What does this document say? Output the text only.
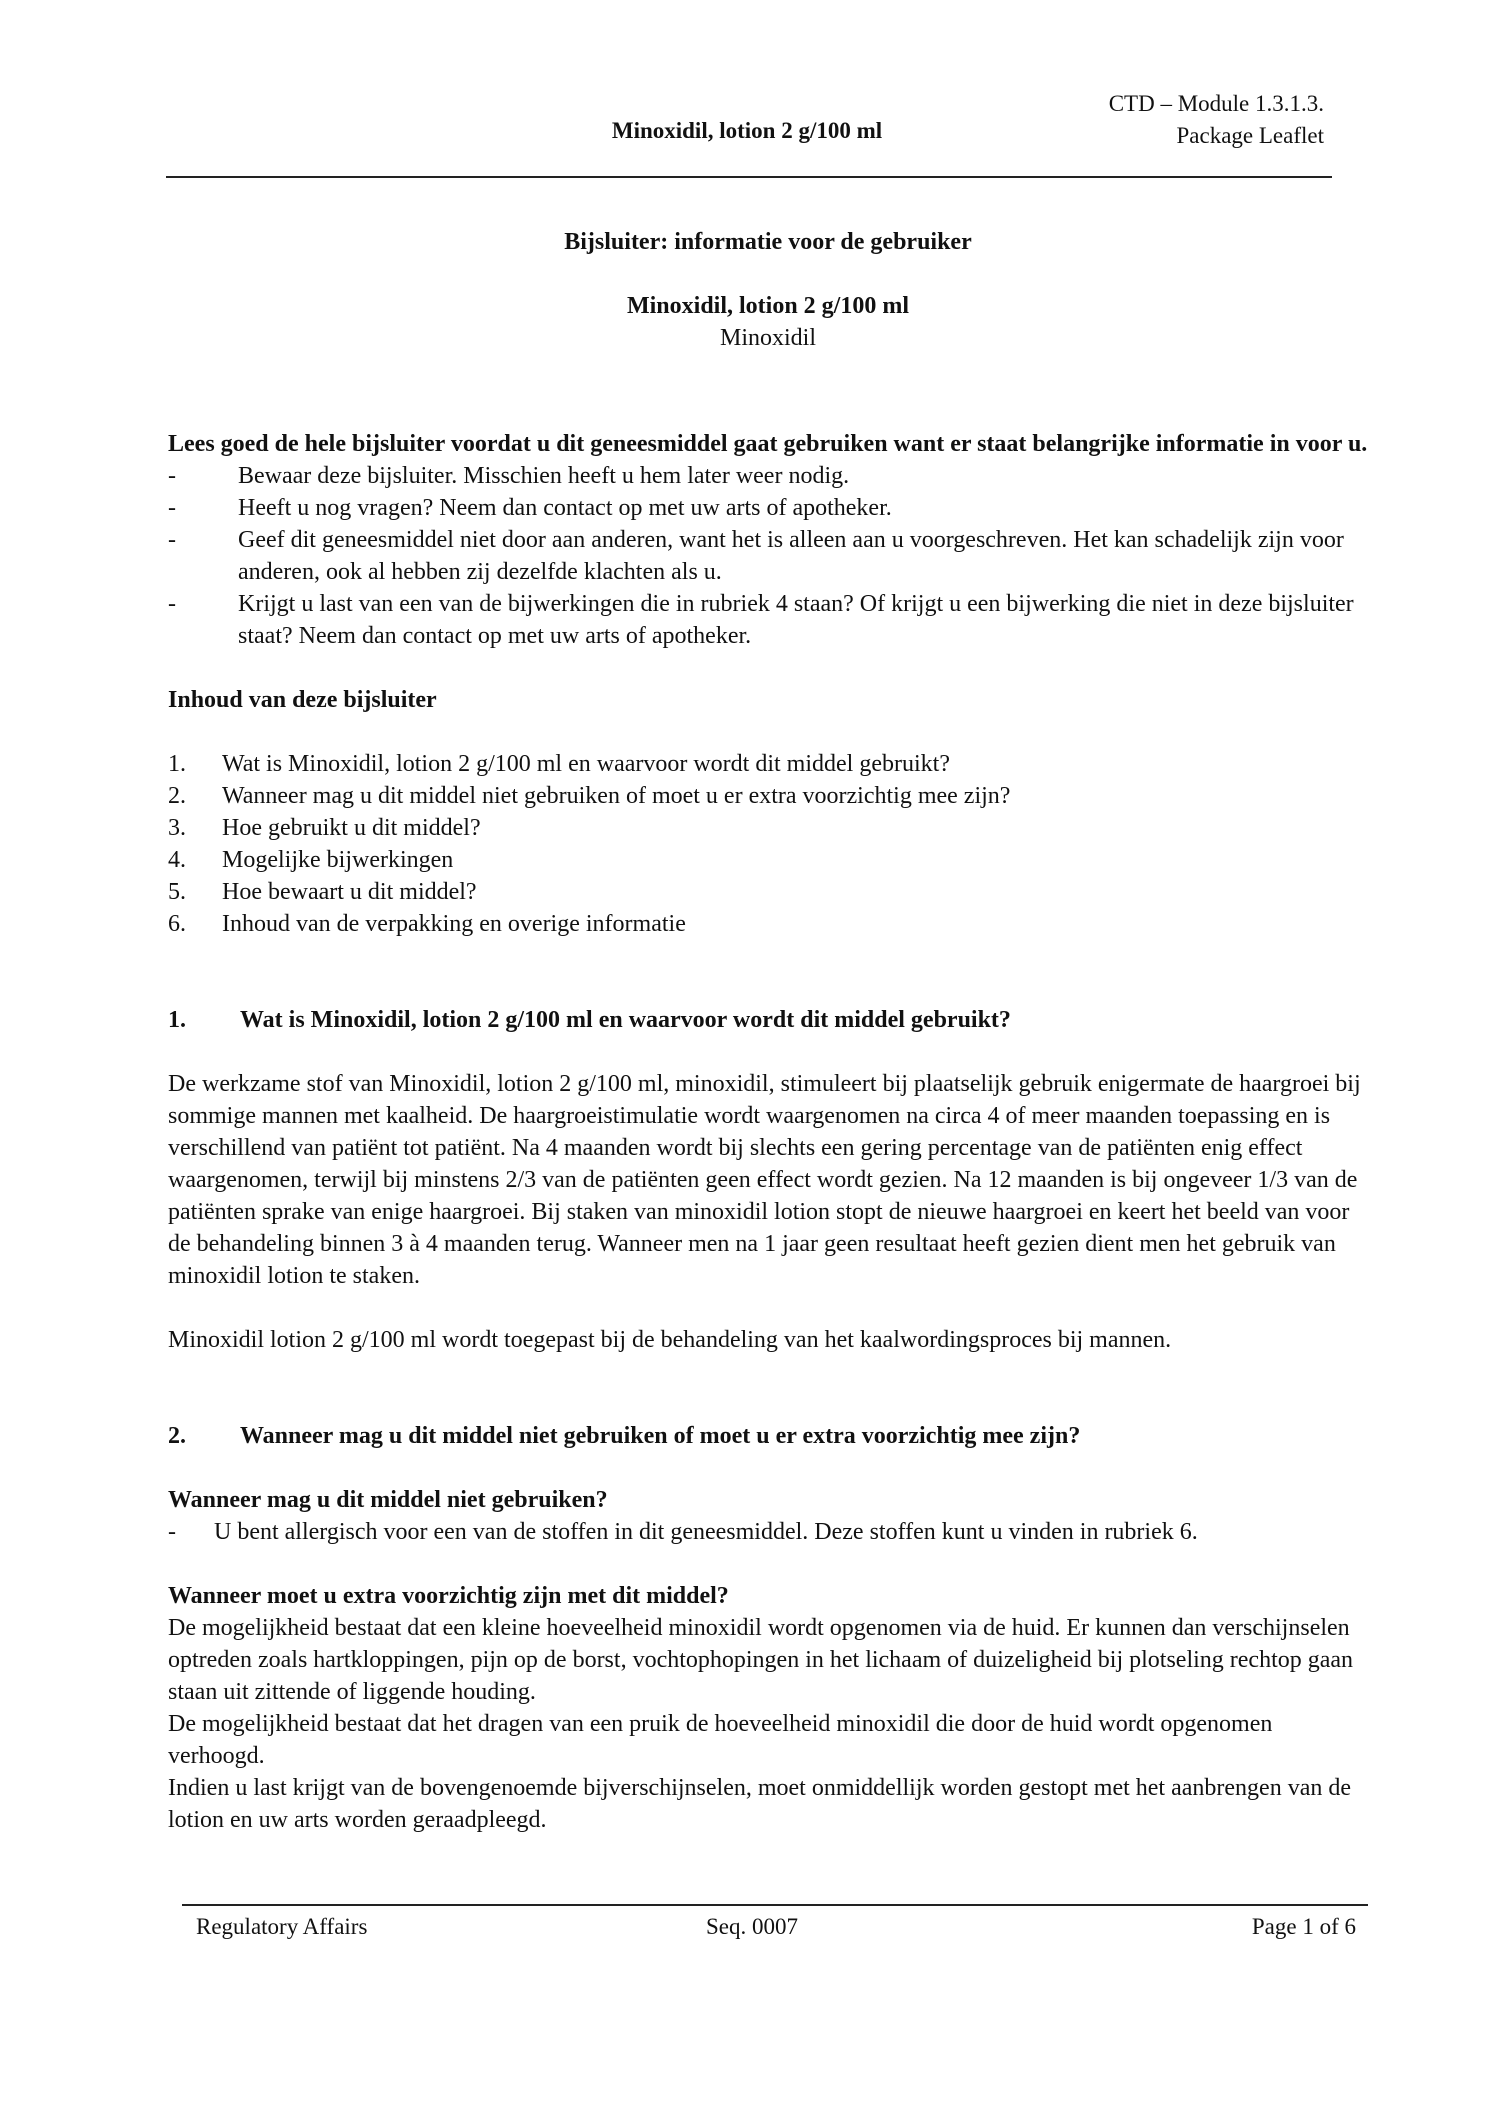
CTD – Module 1.3.1.3.
Package Leaflet
Minoxidil, lotion 2 g/100 ml

Bijsluiter: informatie voor de gebruiker

Minoxidil, lotion 2 g/100 ml

Minoxidil

Lees goed de hele bijsluiter voordat u dit geneesmiddel gaat gebruiken want er staat belangrijke informatie in voor u.

-	Bewaar deze bijsluiter. Misschien heeft u hem later weer nodig.
-	Heeft u nog vragen? Neem dan contact op met uw arts of apotheker.
-	Geef dit geneesmiddel niet door aan anderen, want het is alleen aan u voorgeschreven. Het kan schadelijk zijn voor anderen, ook al hebben zij dezelfde klachten als u.
-	Krijgt u last van een van de bijwerkingen die in rubriek 4 staan? Of krijgt u een bijwerking die niet in deze bijsluiter staat? Neem dan contact op met uw arts of apotheker.

Inhoud van deze bijsluiter

1. Wat is Minoxidil, lotion 2 g/100 ml en waarvoor wordt dit middel gebruikt?
2. Wanneer mag u dit middel niet gebruiken of moet u er extra voorzichtig mee zijn?
3. Hoe gebruikt u dit middel?
4. Mogelijke bijwerkingen
5. Hoe bewaart u dit middel?
6. Inhoud van de verpakking en overige informatie
1. Wat is Minoxidil, lotion 2 g/100 ml en waarvoor wordt dit middel gebruikt?

De werkzame stof van Minoxidil, lotion 2 g/100 ml, minoxidil, stimuleert bij plaatselijk gebruik enigermate de haargroei bij sommige mannen met kaalheid. De haargroeistimulatie wordt waargenomen na circa 4 of meer maanden toepassing en is verschillend van patiënt tot patiënt. Na 4 maanden wordt bij slechts een gering percentage van de patiënten enig effect waargenomen, terwijl bij minstens 2/3 van de patiënten geen effect wordt gezien. Na 12 maanden is bij ongeveer 1/3 van de patiënten sprake van enige haargroei. Bij staken van minoxidil lotion stopt de nieuwe haargroei en keert het beeld van voor de behandeling binnen 3 à 4 maanden terug. Wanneer men na 1 jaar geen resultaat heeft gezien dient men het gebruik van minoxidil lotion te staken.

Minoxidil lotion 2 g/100 ml wordt toegepast bij de behandeling van het kaalwordingsproces bij mannen.

2. Wanneer mag u dit middel niet gebruiken of moet u er extra voorzichtig mee zijn?

Wanneer mag u dit middel niet gebruiken?

- U bent allergisch voor een van de stoffen in dit geneesmiddel. Deze stoffen kunt u vinden in rubriek 6.

Wanneer moet u extra voorzichtig zijn met dit middel?

De mogelijkheid bestaat dat een kleine hoeveelheid minoxidil wordt opgenomen via de huid. Er kunnen dan verschijnselen optreden zoals hartkloppingen, pijn op de borst, vochtophopingen in het lichaam of duizeligheid bij plotseling rechtop gaan staan uit zittende of liggende houding.

De mogelijkheid bestaat dat het dragen van een pruik de hoeveelheid minoxidil die door de huid wordt opgenomen verhoogd.

Indien u last krijgt van de bovengenoemde bijverschijnselen, moet onmiddellijk worden gestopt met het aanbrengen van de lotion en uw arts worden geraadpleegd.

Regulatory Affairs	Seq. 0007	Page 1 of 6
